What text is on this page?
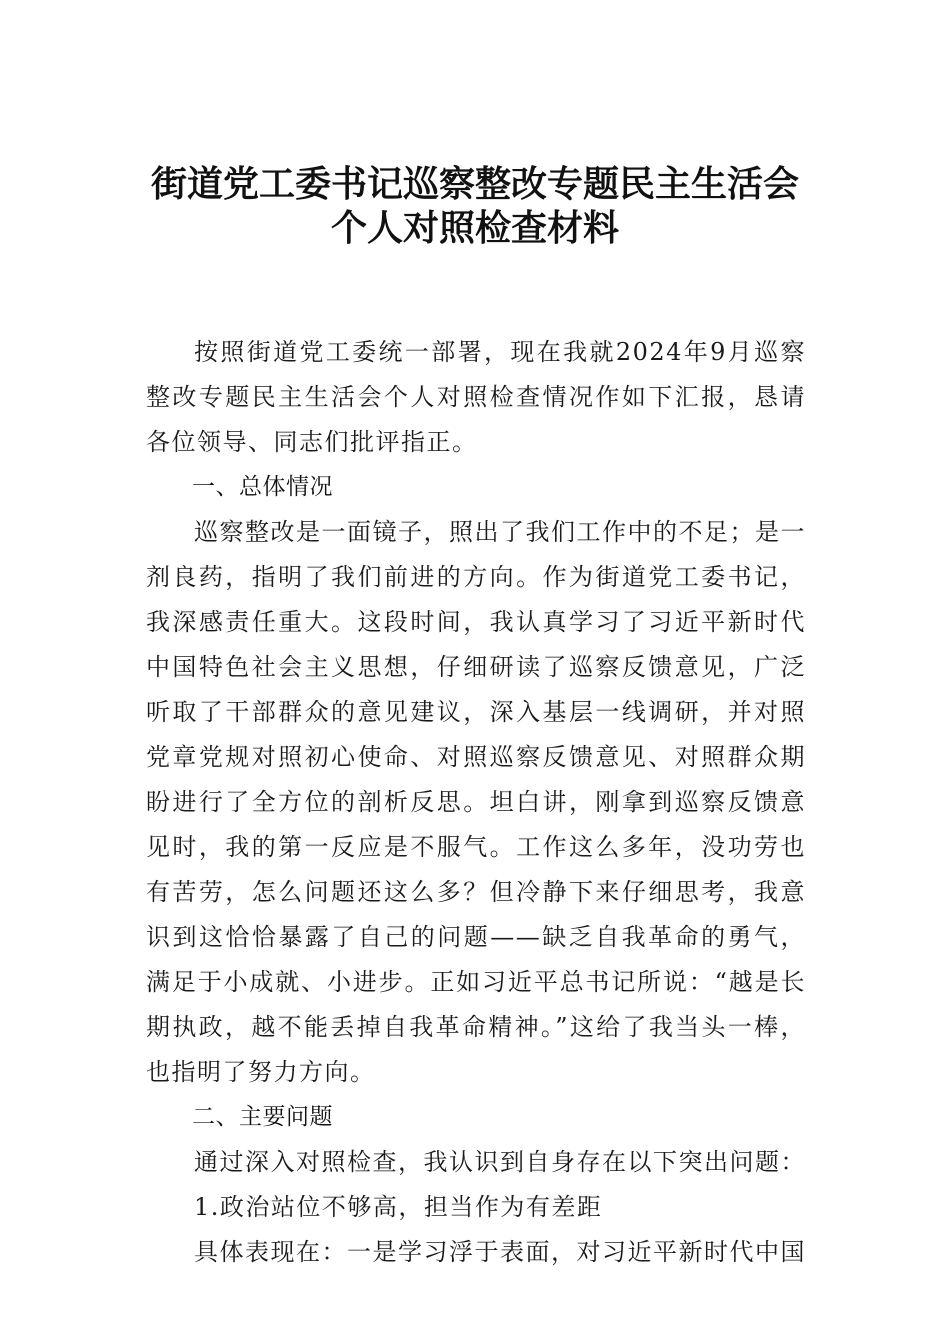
街道党工委书记巡察整改专题民主生活会
个人对照检查材料

按照街道党工委统一部署，现在我就2024年9月巡察整改专题民主生活会个人对照检查情况作如下汇报，恳请各位领导、同志们批评指正。

一、总体情况

巡察整改是一面镜子，照出了我们工作中的不足；是一剂良药，指明了我们前进的方向。作为街道党工委书记，我深感责任重大。这段时间，我认真学习了习近平新时代中国特色社会主义思想，仔细研读了巡察反馈意见，广泛听取了干部群众的意见建议，深入基层一线调研，并对照党章党规对照初心使命、对照巡察反馈意见、对照群众期盼进行了全方位的剖析反思。坦白讲，刚拿到巡察反馈意见时，我的第一反应是不服气。工作这么多年，没功劳也有苦劳，怎么问题还这么多？但冷静下来仔细思考，我意识到这恰恰暴露了自己的问题——缺乏自我革命的勇气，满足于小成就、小进步。正如习近平总书记所说：“越是长期执政，越不能丢掉自我革命精神。”这给了我当头一棒，也指明了努力方向。

二、主要问题

通过深入对照检查，我认识到自身存在以下突出问题：

1.政治站位不够高，担当作为有差距

具体表现在：一是学习浮于表面，对习近平新时代中国
